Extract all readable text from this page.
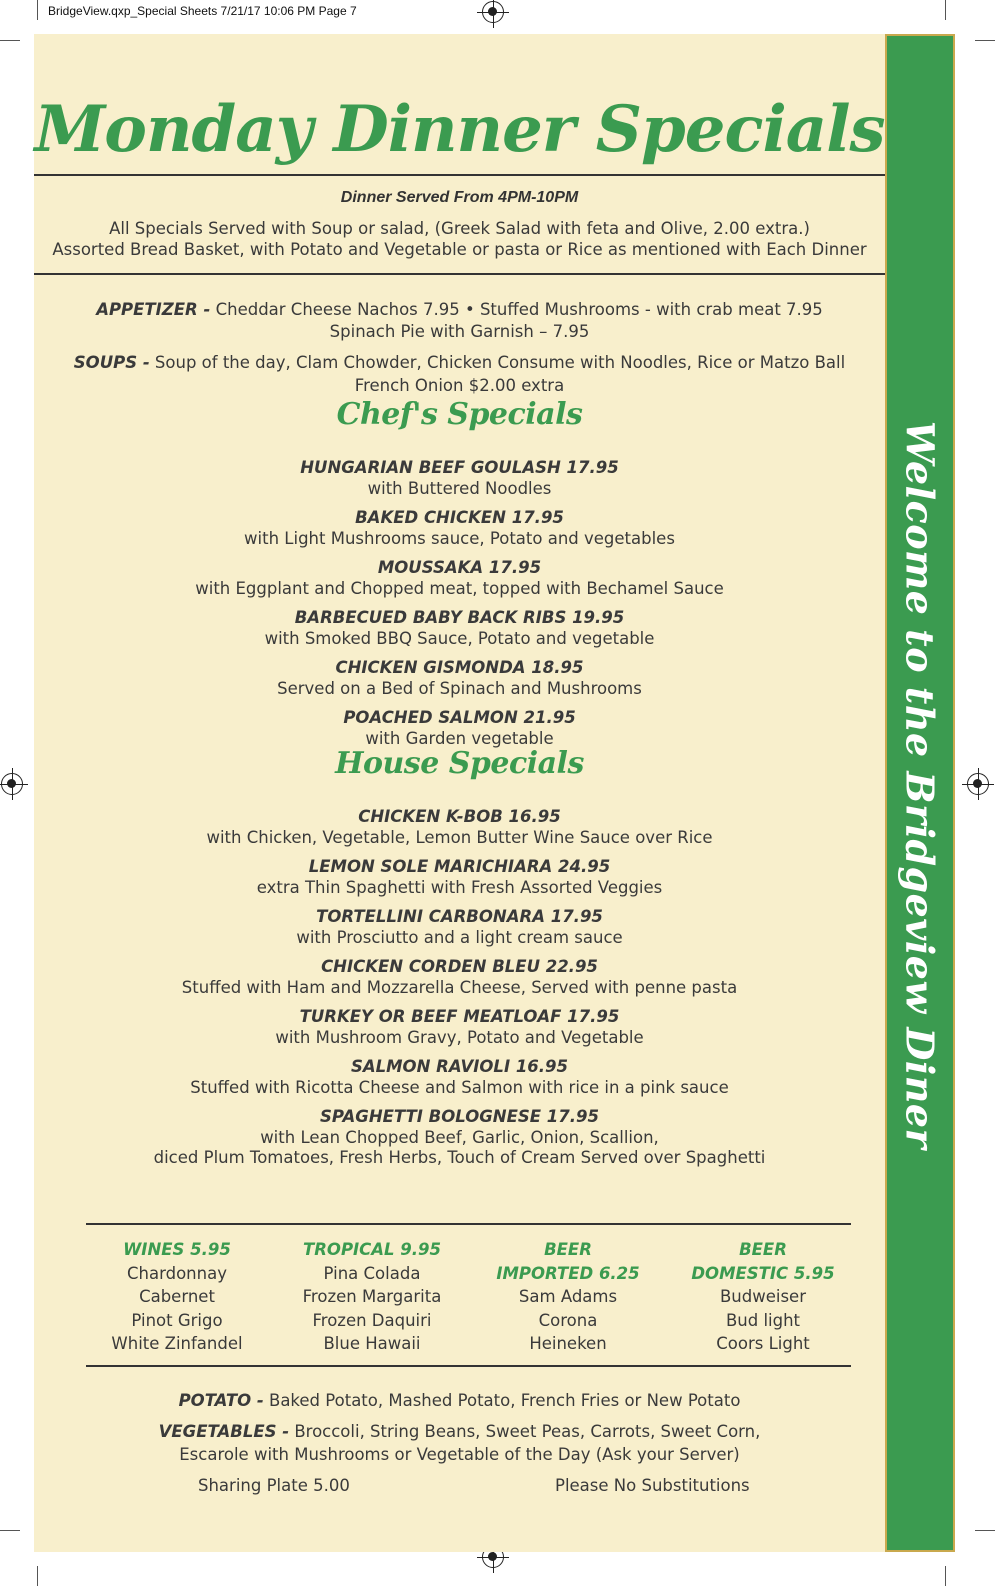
BridgeView.qxp_Special Sheets 7/21/17 10:06 PM Page 7
Welcome to the Bridgeview Diner
Monday Dinner Specials
Dinner Served From 4PM-10PM
All Specials Served with Soup or salad, (Greek Salad with feta and Olive, 2.00 extra.)
Assorted Bread Basket, with Potato and Vegetable or pasta or Rice as mentioned with Each Dinner
APPETIZER - Cheddar Cheese Nachos 7.95 • Stuffed Mushrooms - with crab meat 7.95
Spinach Pie with Garnish – 7.95
SOUPS - Soup of the day, Clam Chowder, Chicken Consume with Noodles, Rice or Matzo Ball
French Onion $2.00 extra
Chef's Specials
HUNGARIAN BEEF GOULASH 17.95
with Buttered Noodles
BAKED CHICKEN 17.95
with Light Mushrooms sauce, Potato and vegetables
MOUSSAKA 17.95
with Eggplant and Chopped meat, topped with Bechamel Sauce
BARBECUED BABY BACK RIBS 19.95
with Smoked BBQ Sauce, Potato and vegetable
CHICKEN GISMONDA 18.95
Served on a Bed of Spinach and Mushrooms
POACHED SALMON 21.95
with Garden vegetable
House Specials
CHICKEN K-BOB 16.95
with Chicken, Vegetable, Lemon Butter Wine Sauce over Rice
LEMON SOLE MARICHIARA 24.95
extra Thin Spaghetti with Fresh Assorted Veggies
TORTELLINI CARBONARA 17.95
with Prosciutto and a light cream sauce
CHICKEN CORDEN BLEU 22.95
Stuffed with Ham and Mozzarella Cheese, Served with penne pasta
TURKEY OR BEEF MEATLOAF 17.95
with Mushroom Gravy, Potato and Vegetable
SALMON RAVIOLI 16.95
Stuffed with Ricotta Cheese and Salmon with rice in a pink sauce
SPAGHETTI BOLOGNESE 17.95
with Lean Chopped Beef, Garlic, Onion, Scallion,
diced Plum Tomatoes, Fresh Herbs, Touch of Cream Served over Spaghetti
WINES 5.95
Chardonnay
Cabernet
Pinot Grigo
White Zinfandel
TROPICAL 9.95
Pina Colada
Frozen Margarita
Frozen Daquiri
Blue Hawaii
BEER
IMPORTED 6.25
Sam Adams
Corona
Heineken
BEER
DOMESTIC 5.95
Budweiser
Bud light
Coors Light
POTATO - Baked Potato, Mashed Potato, French Fries or New Potato
VEGETABLES - Broccoli, String Beans, Sweet Peas, Carrots, Sweet Corn,
Escarole with Mushrooms or Vegetable of the Day (Ask your Server)
Sharing Plate 5.00	Please No Substitutions
